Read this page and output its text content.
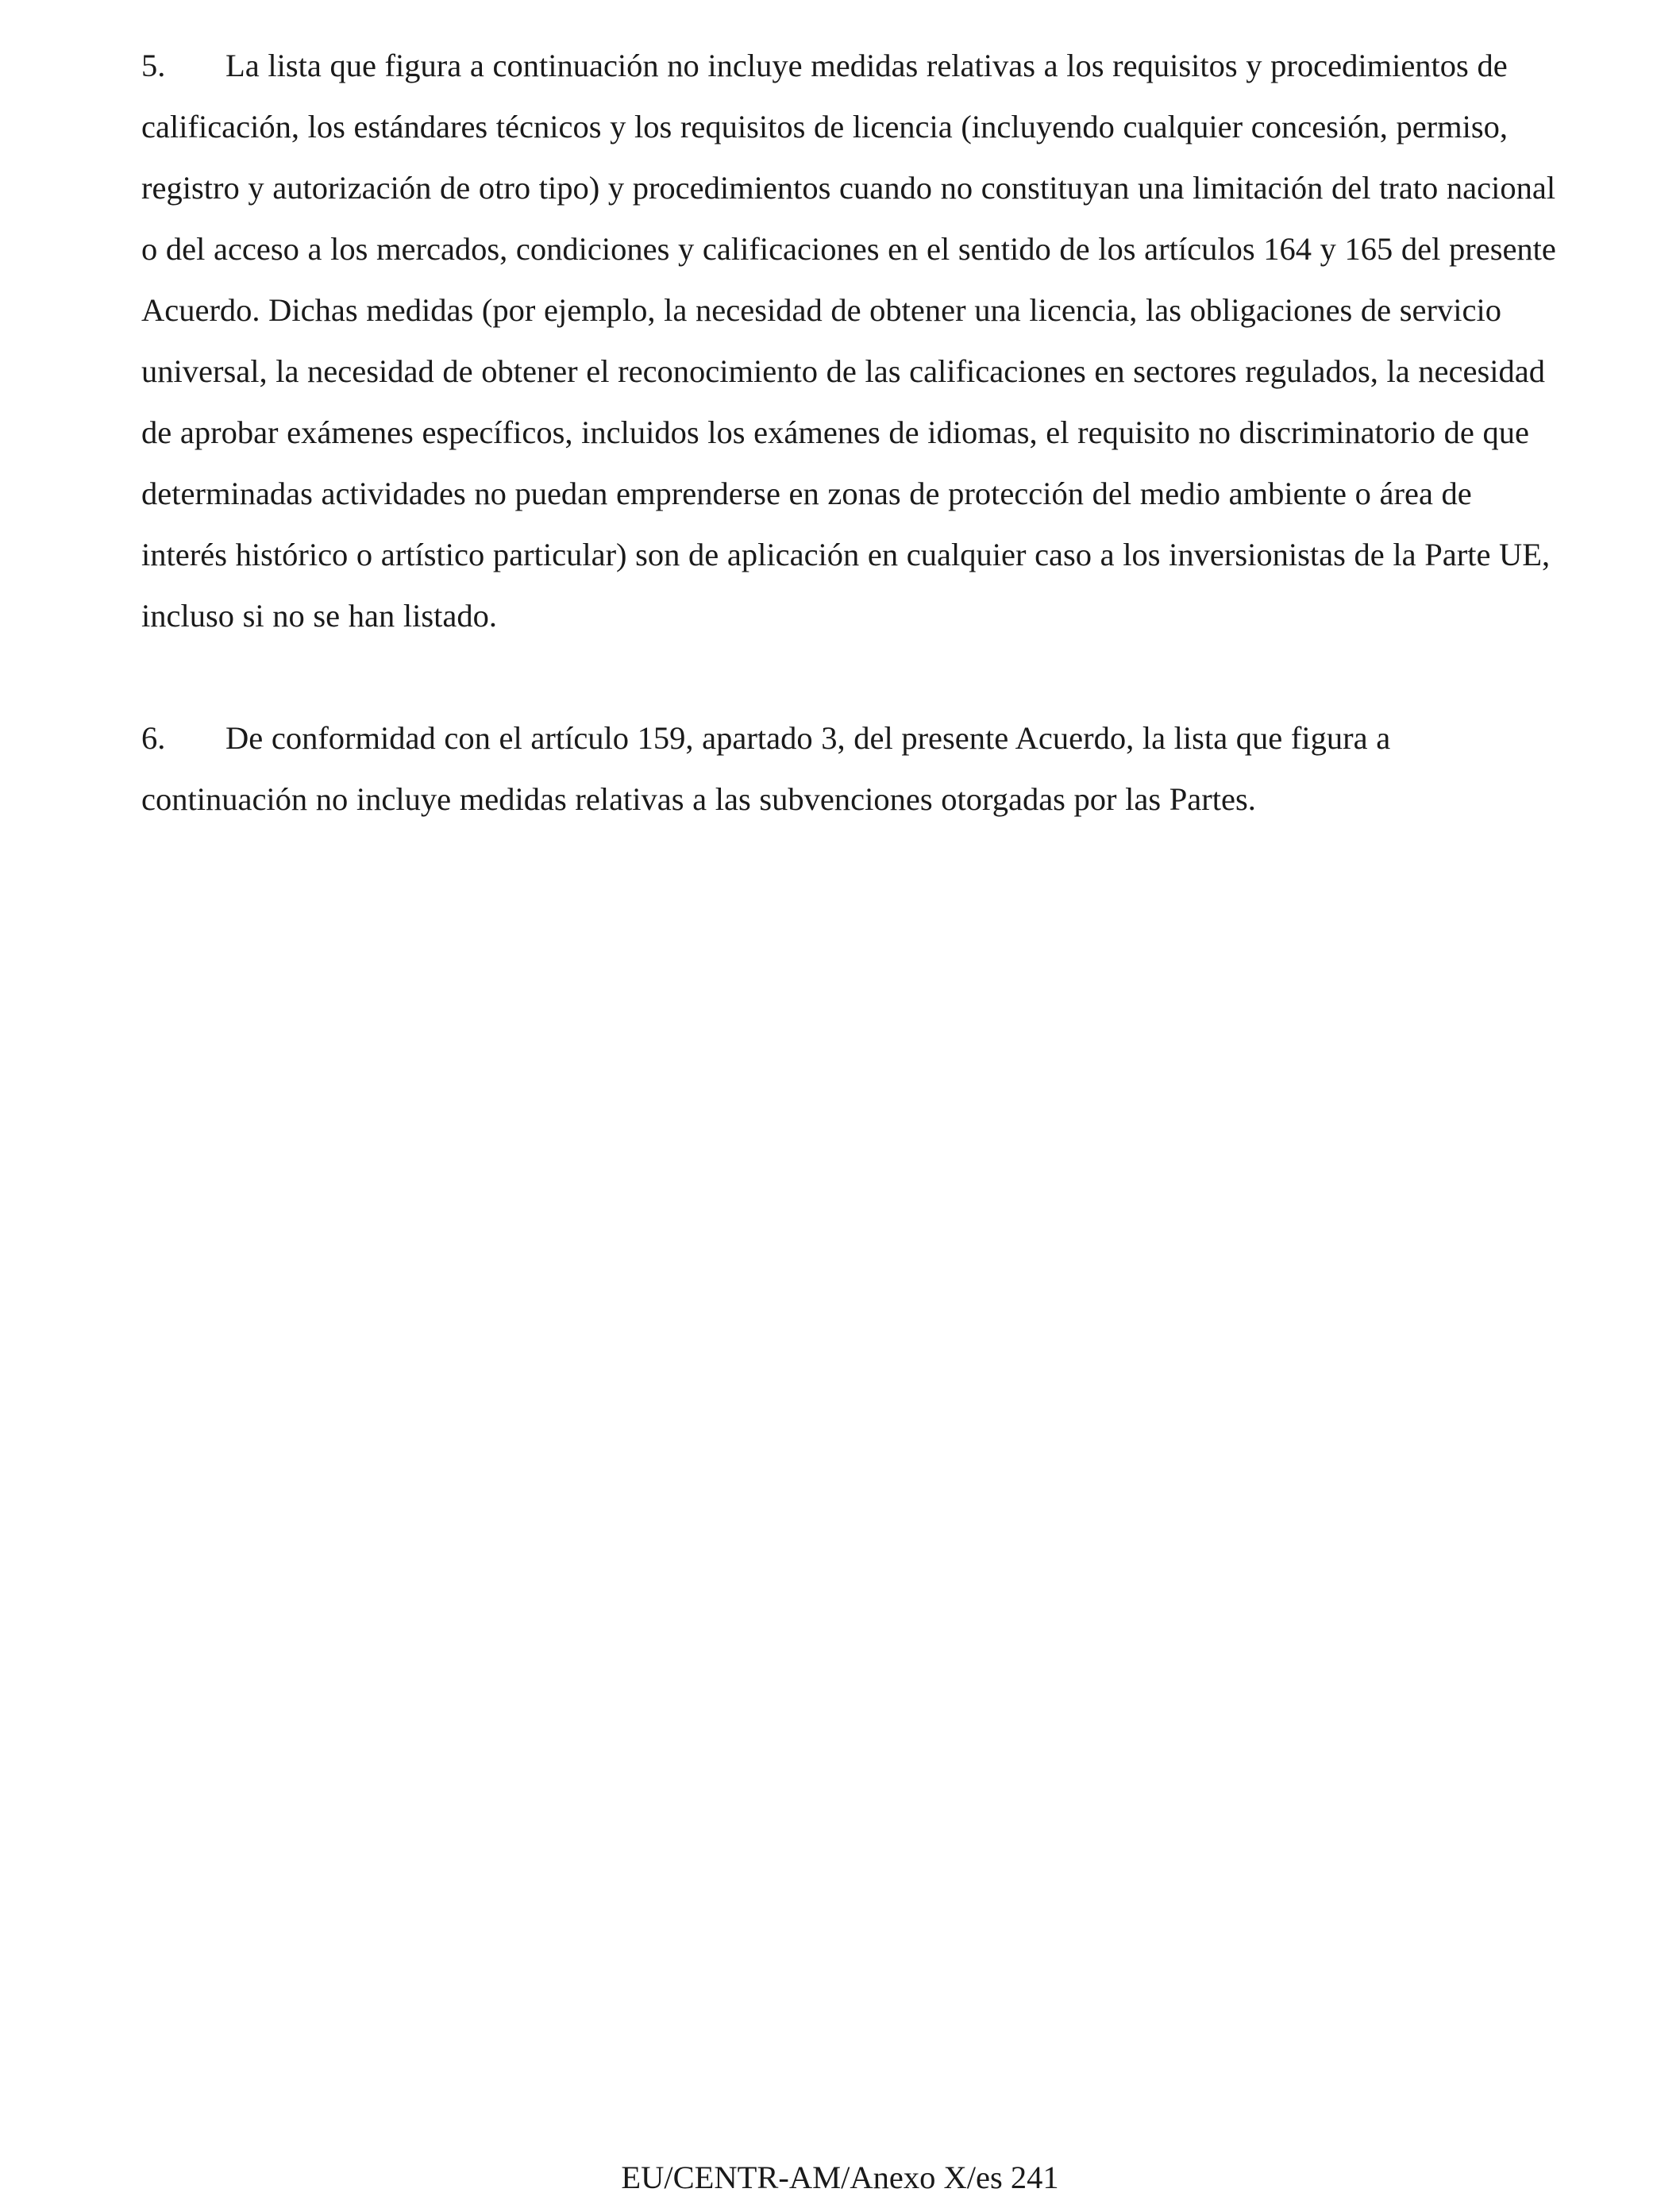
5. La lista que figura a continuación no incluye medidas relativas a los requisitos y procedimientos de calificación, los estándares técnicos y los requisitos de licencia (incluyendo cualquier concesión, permiso, registro y autorización de otro tipo) y procedimientos cuando no constituyan una limitación del trato nacional o del acceso a los mercados, condiciones y calificaciones en el sentido de los artículos 164 y 165 del presente Acuerdo. Dichas medidas (por ejemplo, la necesidad de obtener una licencia, las obligaciones de servicio universal, la necesidad de obtener el reconocimiento de las calificaciones en sectores regulados, la necesidad de aprobar exámenes específicos, incluidos los exámenes de idiomas, el requisito no discriminatorio de que determinadas actividades no puedan emprenderse en zonas de protección del medio ambiente o área de interés histórico o artístico particular) son de aplicación en cualquier caso a los inversionistas de la Parte UE, incluso si no se han listado.

6. De conformidad con el artículo 159, apartado 3, del presente Acuerdo, la lista que figura a continuación no incluye medidas relativas a las subvenciones otorgadas por las Partes.

EU/CENTR-AM/Anexo X/es 241
